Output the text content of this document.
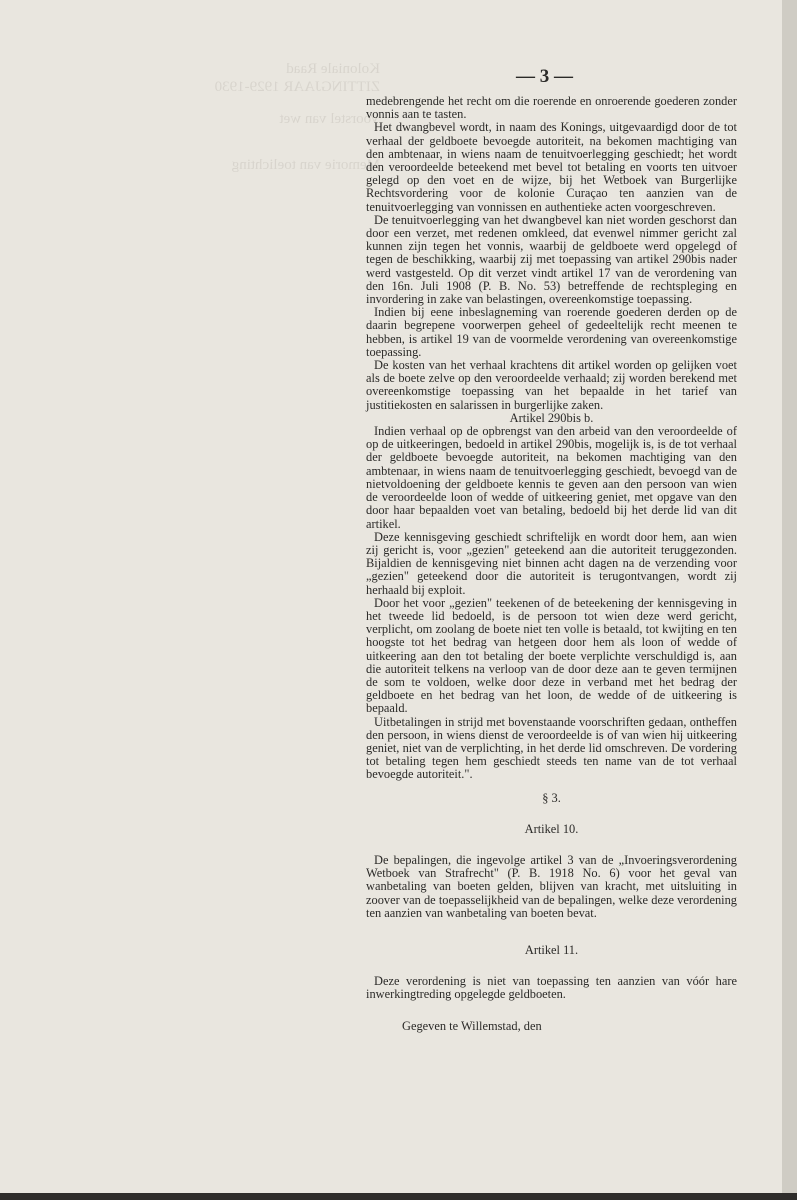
Koloniale Raad
ZITTINGJAAR 1929-1930
Voorstel van wet
Memorie van toelichting
— 3 —

medebrengende het recht om die roerende en onroerende goederen zonder vonnis aan te tasten.

Het dwangbevel wordt, in naam des Konings, uitgevaardigd door de tot verhaal der geldboete bevoegde autoriteit, na bekomen machtiging van den ambtenaar, in wiens naam de tenuitvoerlegging geschiedt; het wordt den veroordeelde beteekend met bevel tot betaling en voorts ten uitvoer gelegd op den voet en de wijze, bij het Wetboek van Burgerlijke Rechtsvordering voor de kolonie Curaçao ten aanzien van de tenuitvoerlegging van vonnissen en authentieke acten voorgeschreven.

De tenuitvoerlegging van het dwangbevel kan niet worden geschorst dan door een verzet, met redenen omkleed, dat evenwel nimmer gericht zal kunnen zijn tegen het vonnis, waarbij de geldboete werd opgelegd of tegen de beschikking, waarbij zij met toepassing van artikel 290bis nader werd vastgesteld. Op dit verzet vindt artikel 17 van de verordening van den 16n. Juli 1908 (P. B. No. 53) betreffende de rechtspleging en invordering in zake van belastingen, overeenkomstige toepassing.

Indien bij eene inbeslagneming van roerende goederen derden op de daarin begrepene voorwerpen geheel of gedeeltelijk recht meenen te hebben, is artikel 19 van de voormelde verordening van overeenkomstige toepassing.

De kosten van het verhaal krachtens dit artikel worden op gelijken voet als de boete zelve op den veroordeelde verhaald; zij worden berekend met overeenkomstige toepassing van het bepaalde in het tarief van justitiekosten en salarissen in burgerlijke zaken.

Artikel 290bis b.

Indien verhaal op de opbrengst van den arbeid van den veroordeelde of op de uitkeeringen, bedoeld in artikel 290bis, mogelijk is, is de tot verhaal der geldboete bevoegde autoriteit, na bekomen machtiging van den ambtenaar, in wiens naam de tenuitvoerlegging geschiedt, bevoegd van de nietvoldoening der geldboete kennis te geven aan den persoon van wien de veroordeelde loon of wedde of uitkeering geniet, met opgave van den door haar bepaalden voet van betaling, bedoeld bij het derde lid van dit artikel.

Deze kennisgeving geschiedt schriftelijk en wordt door hem, aan wien zij gericht is, voor „gezien" geteekend aan die autoriteit teruggezonden. Bijaldien de kennisgeving niet binnen acht dagen na de verzending voor „gezien" geteekend door die autoriteit is terugontvangen, wordt zij herhaald bij exploit.

Door het voor „gezien" teekenen of de beteekening der kennisgeving in het tweede lid bedoeld, is de persoon tot wien deze werd gericht, verplicht, om zoolang de boete niet ten volle is betaald, tot kwijting en ten hoogste tot het bedrag van hetgeen door hem als loon of wedde of uitkeering aan den tot betaling der boete verplichte verschuldigd is, aan die autoriteit telkens na verloop van de door deze aan te geven termijnen de som te voldoen, welke door deze in verband met het bedrag der geldboete en het bedrag van het loon, de wedde of de uitkeering is bepaald.

Uitbetalingen in strijd met bovenstaande voorschriften gedaan, ontheffen den persoon, in wiens dienst de veroordeelde is of van wien hij uitkeering geniet, niet van de verplichting, in het derde lid omschreven. De vordering tot betaling tegen hem geschiedt steeds ten name van de tot verhaal bevoegde autoriteit.".

§ 3.

Artikel 10.

De bepalingen, die ingevolge artikel 3 van de „Invoeringsverordening Wetboek van Strafrecht" (P. B. 1918 No. 6) voor het geval van wanbetaling van boeten gelden, blijven van kracht, met uitsluiting in zoover van de toepasselijkheid van de bepalingen, welke deze verordening ten aanzien van wanbetaling van boeten bevat.

Artikel 11.

Deze verordening is niet van toepassing ten aanzien van vóór hare inwerkingtreding opgelegde geldboeten.

Gegeven te Willemstad, den
